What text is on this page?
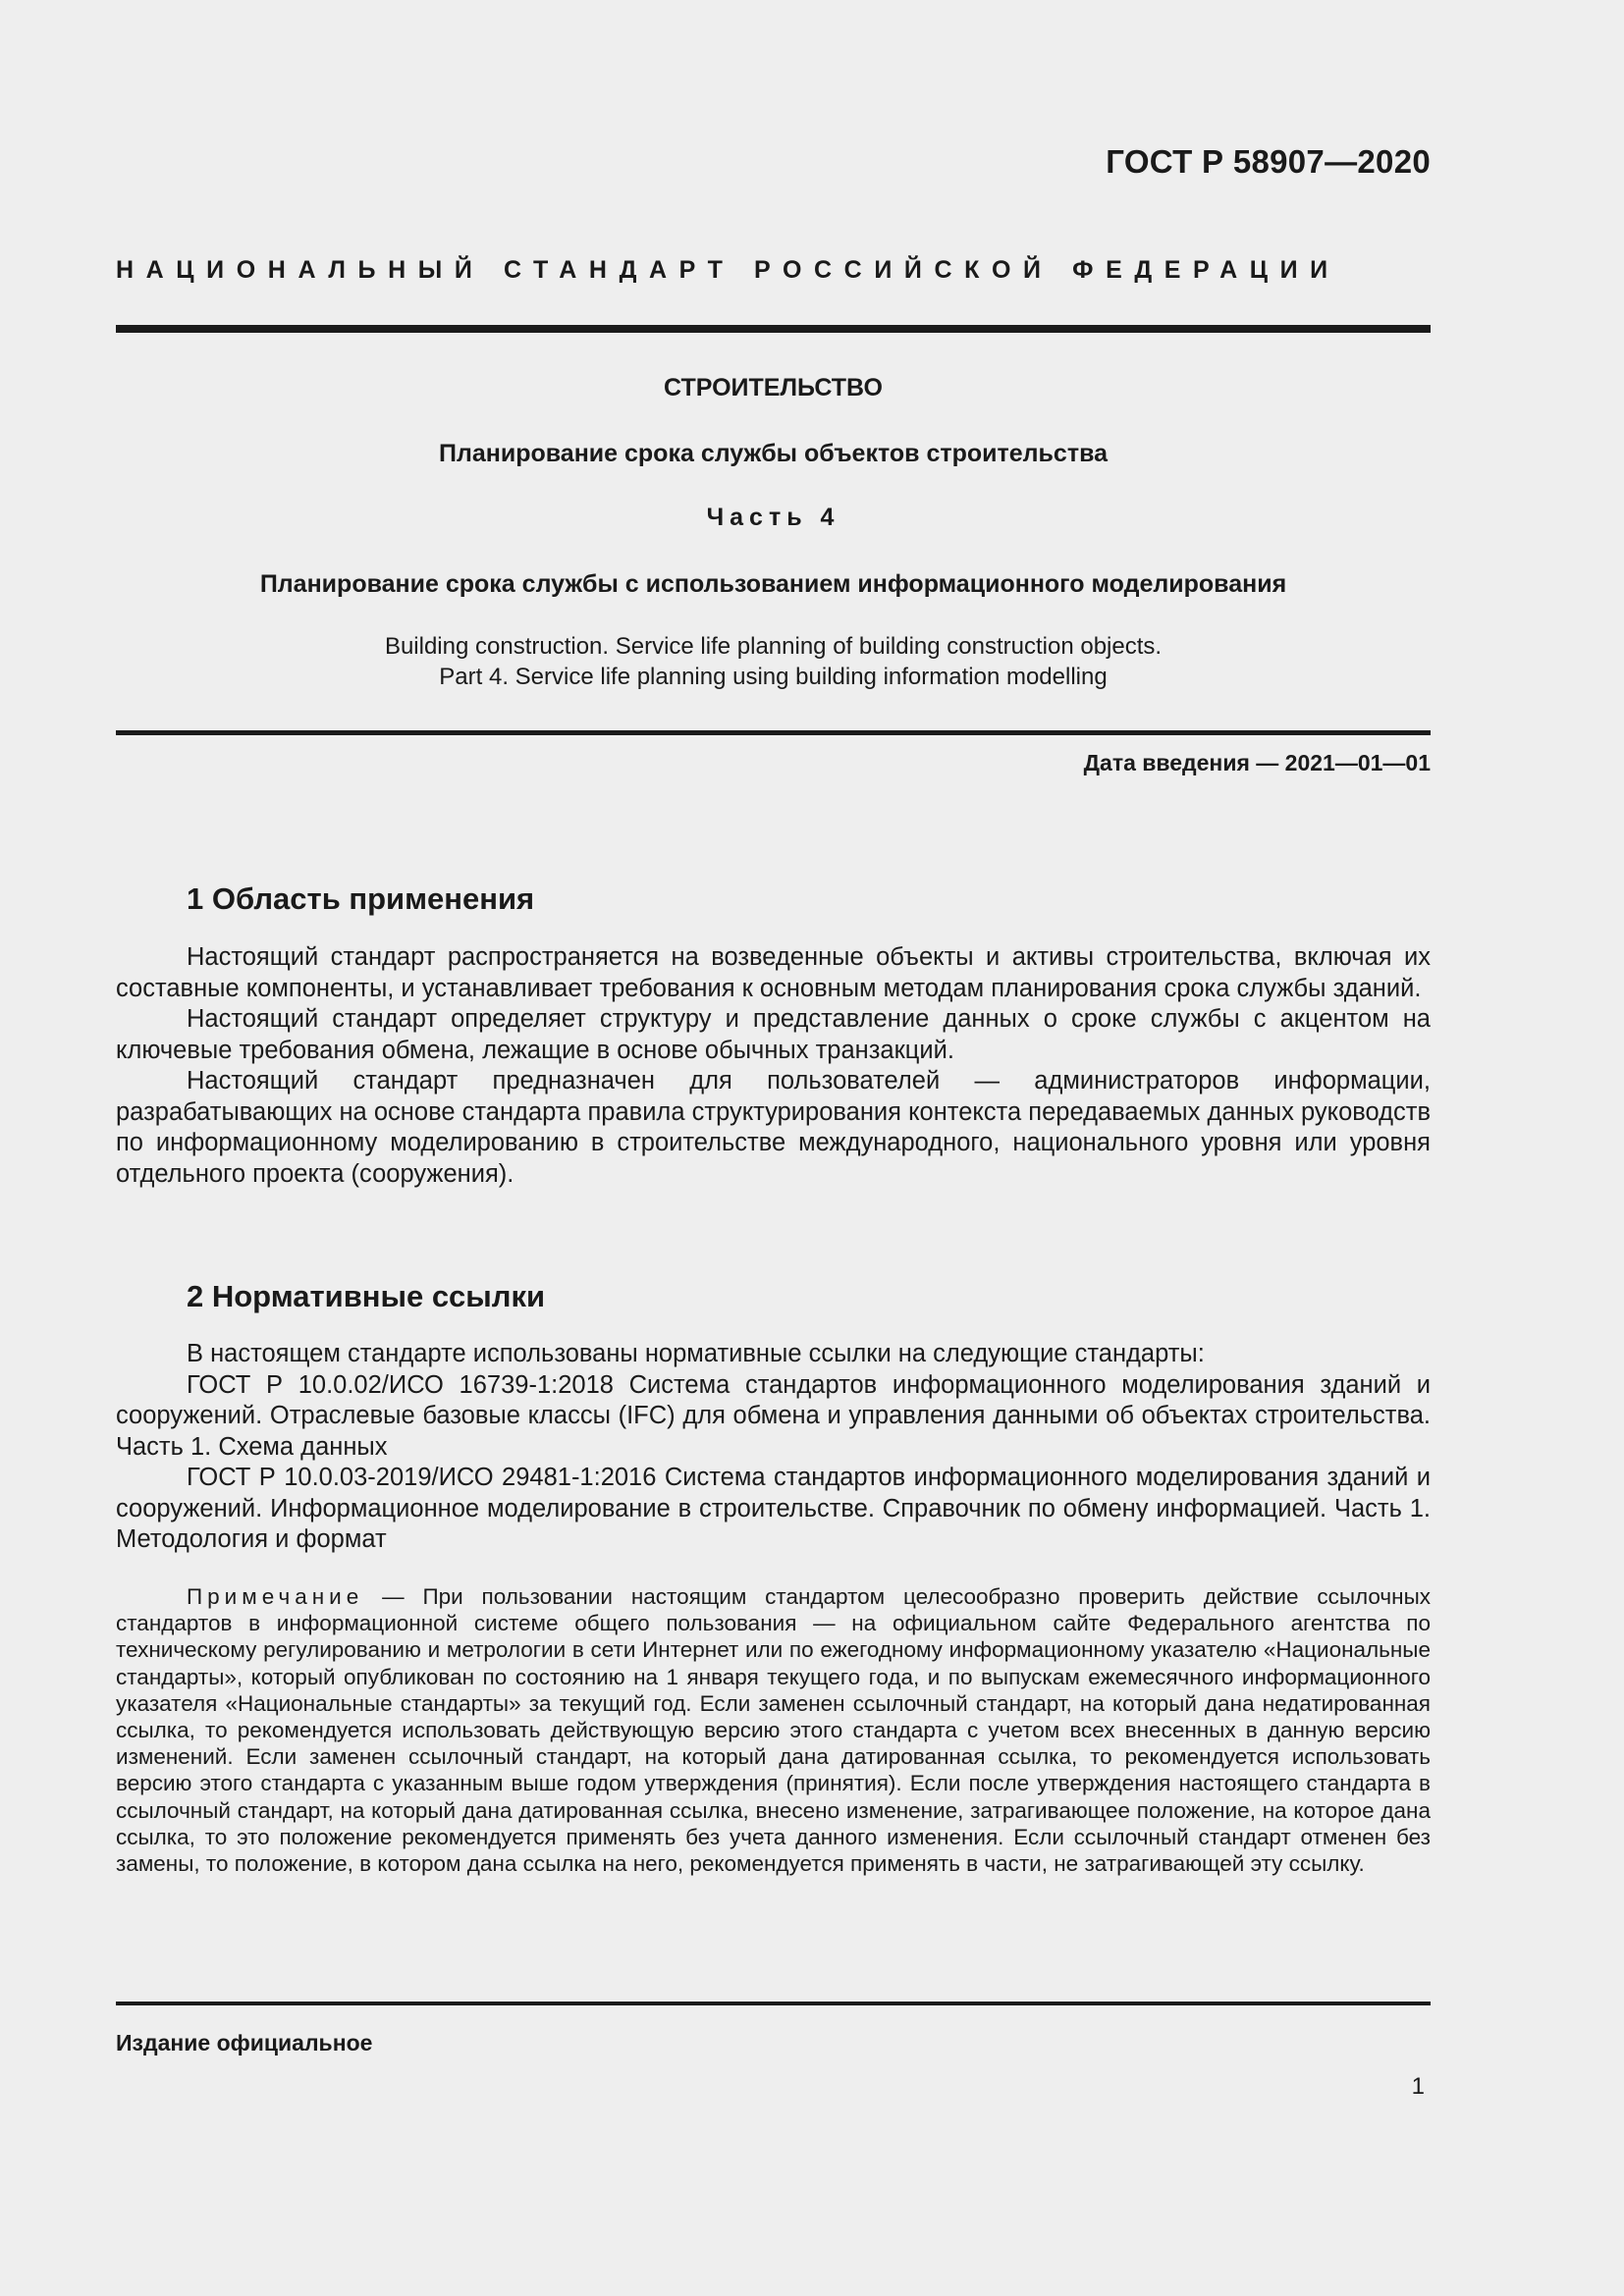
ГОСТ Р 58907—2020
НАЦИОНАЛЬНЫЙ СТАНДАРТ РОССИЙСКОЙ ФЕДЕРАЦИИ
СТРОИТЕЛЬСТВО
Планирование срока службы объектов строительства
Часть 4
Планирование срока службы с использованием информационного моделирования
Building construction. Service life planning of building construction objects.
Part 4. Service life planning using building information modelling
Дата введения — 2021—01—01
1 Область применения

Настоящий стандарт распространяется на возведенные объекты и активы строительства, включая их составные компоненты, и устанавливает требования к основным методам планирования срока службы зданий.

Настоящий стандарт определяет структуру и представление данных о сроке службы с акцентом на ключевые требования обмена, лежащие в основе обычных транзакций.

Настоящий стандарт предназначен для пользователей — администраторов информации, разрабатывающих на основе стандарта правила структурирования контекста передаваемых данных руководств по информационному моделированию в строительстве международного, национального уровня или уровня отдельного проекта (сооружения).

2 Нормативные ссылки

В настоящем стандарте использованы нормативные ссылки на следующие стандарты:

ГОСТ Р 10.0.02/ИСО 16739-1:2018 Система стандартов информационного моделирования зданий и сооружений. Отраслевые базовые классы (IFC) для обмена и управления данными об объектах строительства. Часть 1. Схема данных

ГОСТ Р 10.0.03-2019/ИСО 29481-1:2016 Система стандартов информационного моделирования зданий и сооружений. Информационное моделирование в строительстве. Справочник по обмену информацией. Часть 1. Методология и формат

Примечание — При пользовании настоящим стандартом целесообразно проверить действие ссылочных стандартов в информационной системе общего пользования — на официальном сайте Федерального агентства по техническому регулированию и метрологии в сети Интернет или по ежегодному информационному указателю «Национальные стандарты», который опубликован по состоянию на 1 января текущего года, и по выпускам ежемесячного информационного указателя «Национальные стандарты» за текущий год. Если заменен ссылочный стандарт, на который дана недатированная ссылка, то рекомендуется использовать действующую версию этого стандарта с учетом всех внесенных в данную версию изменений. Если заменен ссылочный стандарт, на который дана датированная ссылка, то рекомендуется использовать версию этого стандарта с указанным выше годом утверждения (принятия). Если после утверждения настоящего стандарта в ссылочный стандарт, на который дана датированная ссылка, внесено изменение, затрагивающее положение, на которое дана ссылка, то это положение рекомендуется применять без учета данного изменения. Если ссылочный стандарт отменен без замены, то положение, в котором дана ссылка на него, рекомендуется применять в части, не затрагивающей эту ссылку.
Издание официальное
1
